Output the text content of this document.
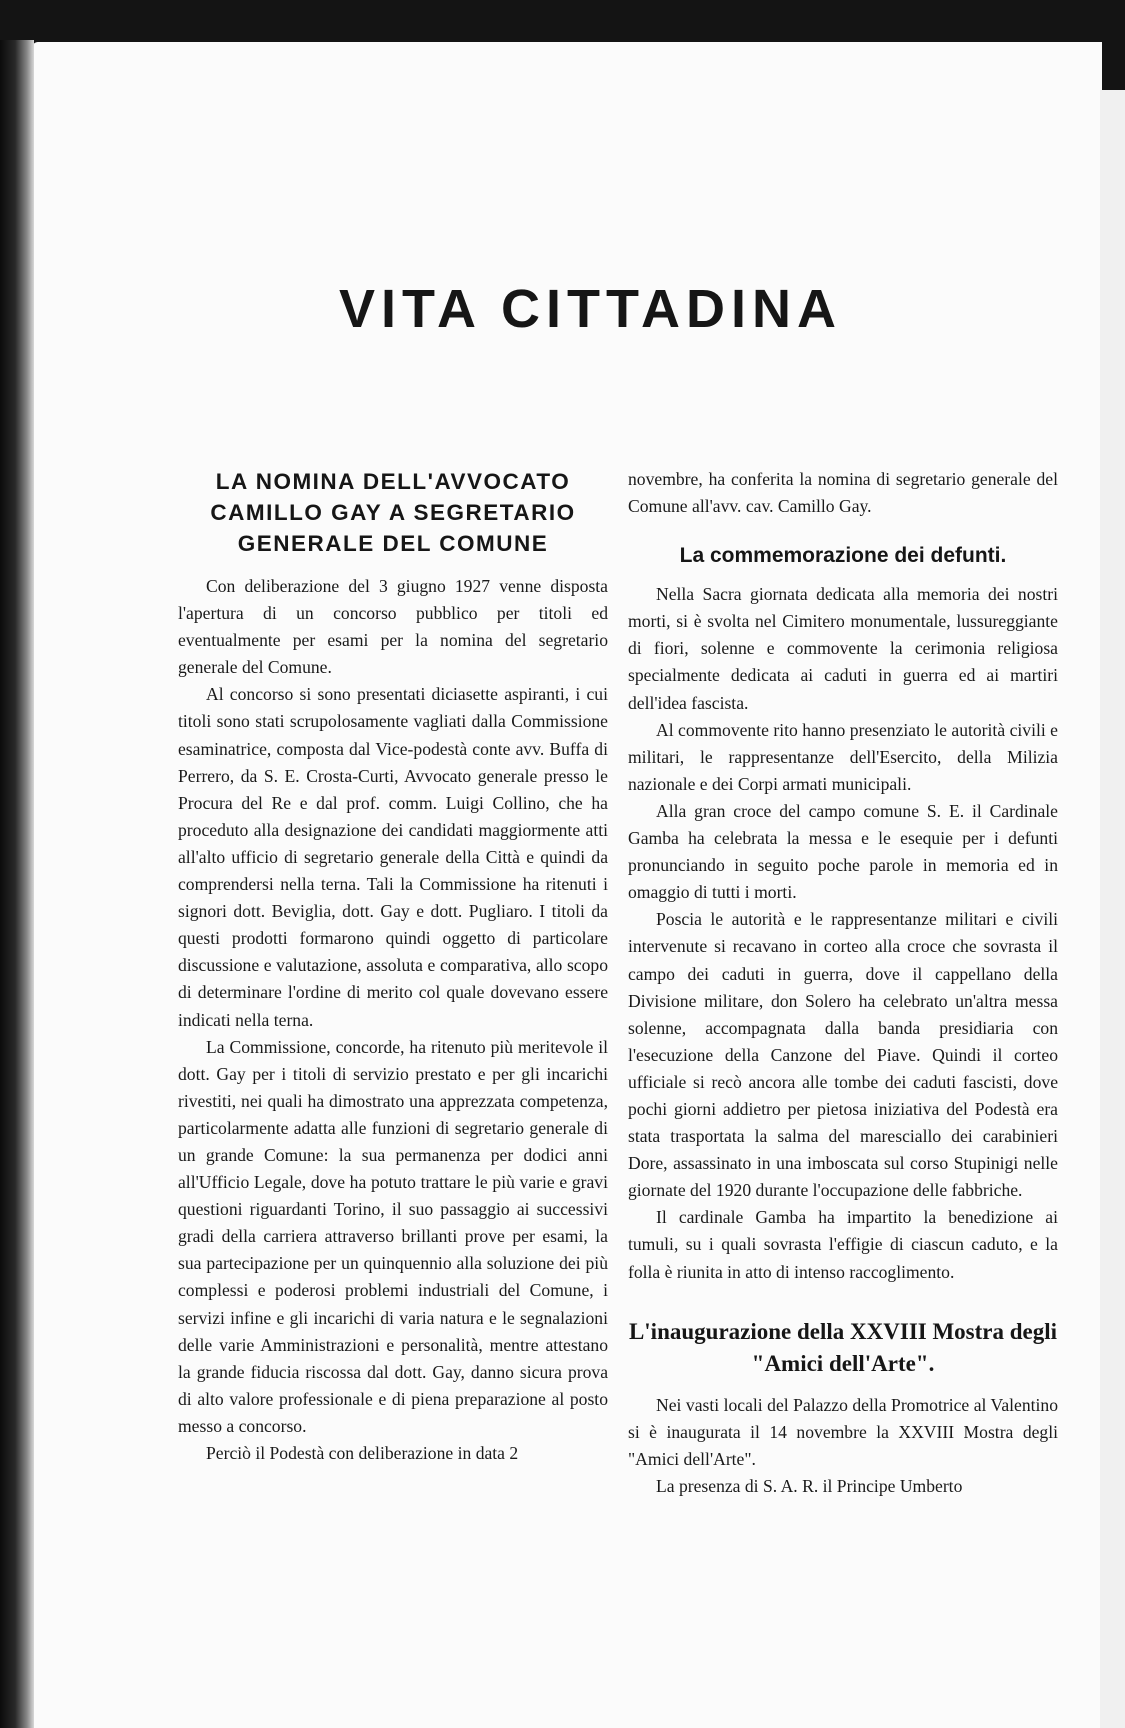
VITA CITTADINA
LA NOMINA DELL'AVVOCATO CAMILLO GAY A SEGRETARIO GENERALE DEL COMUNE

Con deliberazione del 3 giugno 1927 venne disposta l'apertura di un concorso pubblico per titoli ed eventualmente per esami per la nomina del segretario generale del Comune.

Al concorso si sono presentati diciasette aspiranti, i cui titoli sono stati scrupolosamente vagliati dalla Commissione esaminatrice, composta dal Vice-podestà conte avv. Buffa di Perrero, da S. E. Crosta-Curti, Avvocato generale presso le Procura del Re e dal prof. comm. Luigi Collino, che ha proceduto alla designazione dei candidati maggiormente atti all'alto ufficio di segretario generale della Città e quindi da comprendersi nella terna. Tali la Commissione ha ritenuti i signori dott. Beviglia, dott. Gay e dott. Pugliaro. I titoli da questi prodotti formarono quindi oggetto di particolare discussione e valutazione, assoluta e comparativa, allo scopo di determinare l'ordine di merito col quale dovevano essere indicati nella terna.

La Commissione, concorde, ha ritenuto più meritevole il dott. Gay per i titoli di servizio prestato e per gli incarichi rivestiti, nei quali ha dimostrato una apprezzata competenza, particolarmente adatta alle funzioni di segretario generale di un grande Comune: la sua permanenza per dodici anni all'Ufficio Legale, dove ha potuto trattare le più varie e gravi questioni riguardanti Torino, il suo passaggio ai successivi gradi della carriera attraverso brillanti prove per esami, la sua partecipazione per un quinquennio alla soluzione dei più complessi e poderosi problemi industriali del Comune, i servizi infine e gli incarichi di varia natura e le segnalazioni delle varie Amministrazioni e personalità, mentre attestano la grande fiducia riscossa dal dott. Gay, danno sicura prova di alto valore professionale e di piena preparazione al posto messo a concorso.

Perciò il Podestà con deliberazione in data 2

novembre, ha conferita la nomina di segretario generale del Comune all'avv. cav. Camillo Gay.

La commemorazione dei defunti.

Nella Sacra giornata dedicata alla memoria dei nostri morti, si è svolta nel Cimitero monumentale, lussureggiante di fiori, solenne e commovente la cerimonia religiosa specialmente dedicata ai caduti in guerra ed ai martiri dell'idea fascista.

Al commovente rito hanno presenziato le autorità civili e militari, le rappresentanze dell'Esercito, della Milizia nazionale e dei Corpi armati municipali.

Alla gran croce del campo comune S. E. il Cardinale Gamba ha celebrata la messa e le esequie per i defunti pronunciando in seguito poche parole in memoria ed in omaggio di tutti i morti.

Poscia le autorità e le rappresentanze militari e civili intervenute si recavano in corteo alla croce che sovrasta il campo dei caduti in guerra, dove il cappellano della Divisione militare, don Solero ha celebrato un'altra messa solenne, accompagnata dalla banda presidiaria con l'esecuzione della Canzone del Piave. Quindi il corteo ufficiale si recò ancora alle tombe dei caduti fascisti, dove pochi giorni addietro per pietosa iniziativa del Podestà era stata trasportata la salma del maresciallo dei carabinieri Dore, assassinato in una imboscata sul corso Stupinigi nelle giornate del 1920 durante l'occupazione delle fabbriche.

Il cardinale Gamba ha impartito la benedizione ai tumuli, su i quali sovrasta l'effigie di ciascun caduto, e la folla è riunita in atto di intenso raccoglimento.

L'inaugurazione della XXVIII Mostra degli "Amici dell'Arte".

Nei vasti locali del Palazzo della Promotrice al Valentino si è inaugurata il 14 novembre la XXVIII Mostra degli "Amici dell'Arte".

La presenza di S. A. R. il Principe Umberto
